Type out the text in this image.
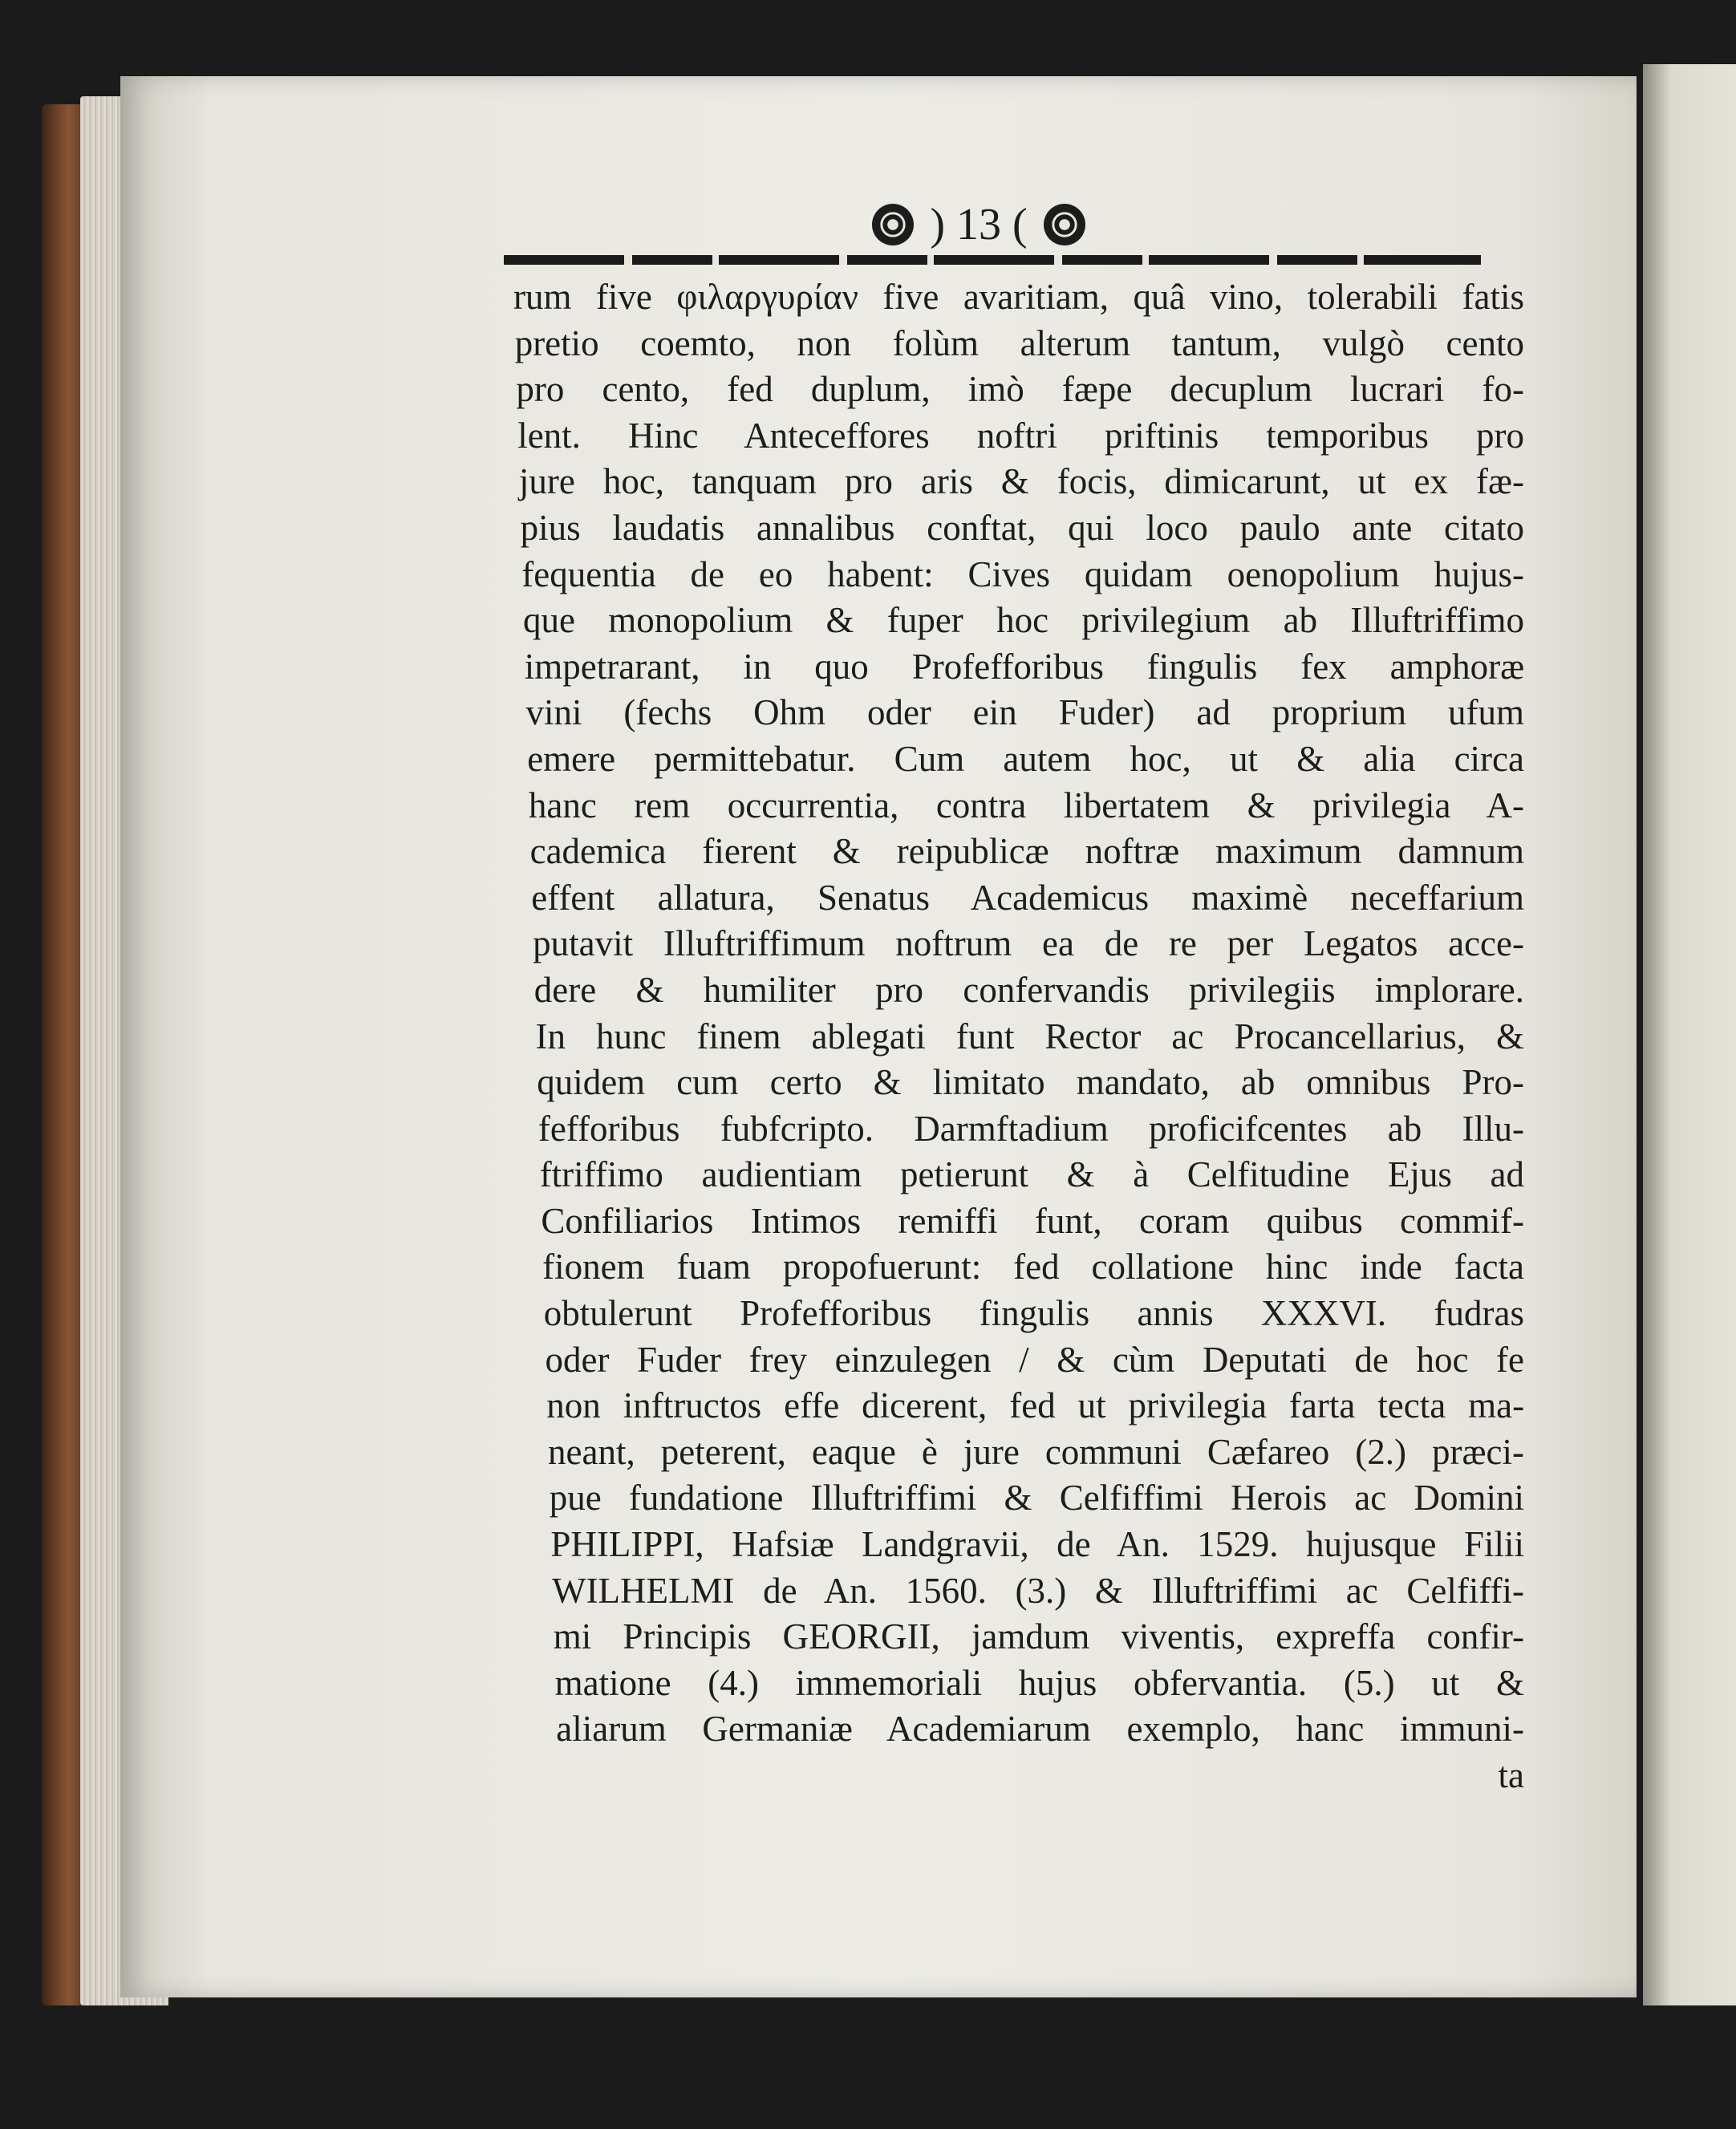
) 13 (
rum five φιλαργυρίαν five avaritiam, quâ vino, tolerabili fatis
pretio coemto, non folùm alterum tantum, vulgò cento
pro cento, fed duplum, imò fæpe decuplum lucrari fo-
lent. Hinc Anteceffores noftri priftinis temporibus pro
jure hoc, tanquam pro aris & focis, dimicarunt, ut ex fæ-
pius laudatis annalibus conftat, qui loco paulo ante citato
fequentia de eo habent: Cives quidam oenopolium hujus-
que monopolium & fuper hoc privilegium ab Illuftriffimo
impetrarant, in quo Profefforibus fingulis fex amphoræ
vini (fechs Ohm oder ein Fuder) ad proprium ufum
emere permittebatur. Cum autem hoc, ut & alia circa
hanc rem occurrentia, contra libertatem & privilegia A-
cademica fierent & reipublicæ noftræ maximum damnum
effent allatura, Senatus Academicus maximè neceffarium
putavit Illuftriffimum noftrum ea de re per Legatos acce-
dere & humiliter pro confervandis privilegiis implorare.
In hunc finem ablegati funt Rector ac Procancellarius, &
quidem cum certo & limitato mandato, ab omnibus Pro-
fefforibus fubfcripto. Darmftadium proficifcentes ab Illu-
ftriffimo audientiam petierunt & à Celfitudine Ejus ad
Confiliarios Intimos remiffi funt, coram quibus commif-
fionem fuam propofuerunt: fed collatione hinc inde facta
obtulerunt Profefforibus fingulis annis XXXVI. fudras
oder Fuder frey einzulegen / & cùm Deputati de hoc fe
non inftructos effe dicerent, fed ut privilegia farta tecta ma-
neant, peterent, eaque è jure communi Cæfareo (2.) præci-
pue fundatione Illuftriffimi & Celfiffimi Herois ac Domini
PHILIPPI, Hafsiæ Landgravii, de An. 1529. hujusque Filii
WILHELMI de An. 1560. (3.) & Illuftriffimi ac Celfiffi-
mi Principis GEORGII, jamdum viventis, expreffa confir-
matione (4.) immemoriali hujus obfervantia. (5.) ut &
aliarum Germaniæ Academiarum exemplo, hanc immuni-
ta
